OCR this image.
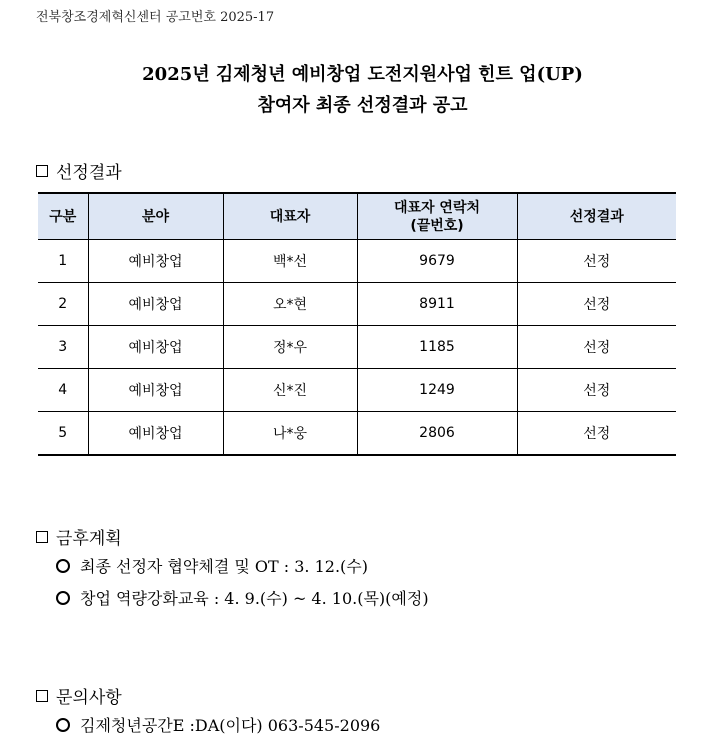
전북창조경제혁신센터 공고번호 2025-17
2025년 김제청년 예비창업 도전지원사업 힌트 업(UP)
참여자 최종 선정결과 공고
선정결과
구분	분야	대표자	대표자 연락처 (끝번호)	선정결과
1	예비창업	백*선	9679	선정
2	예비창업	오*현	8911	선정
3	예비창업	정*우	1185	선정
4	예비창업	신*진	1249	선정
5	예비창업	나*웅	2806	선정
금후계획
최종 선정자 협약체결 및 OT : 3. 12.(수)
창업 역량강화교육 : 4. 9.(수) ~ 4. 10.(목)(예정)
문의사항
김제청년공간E :DA(이다) 063-545-2096
